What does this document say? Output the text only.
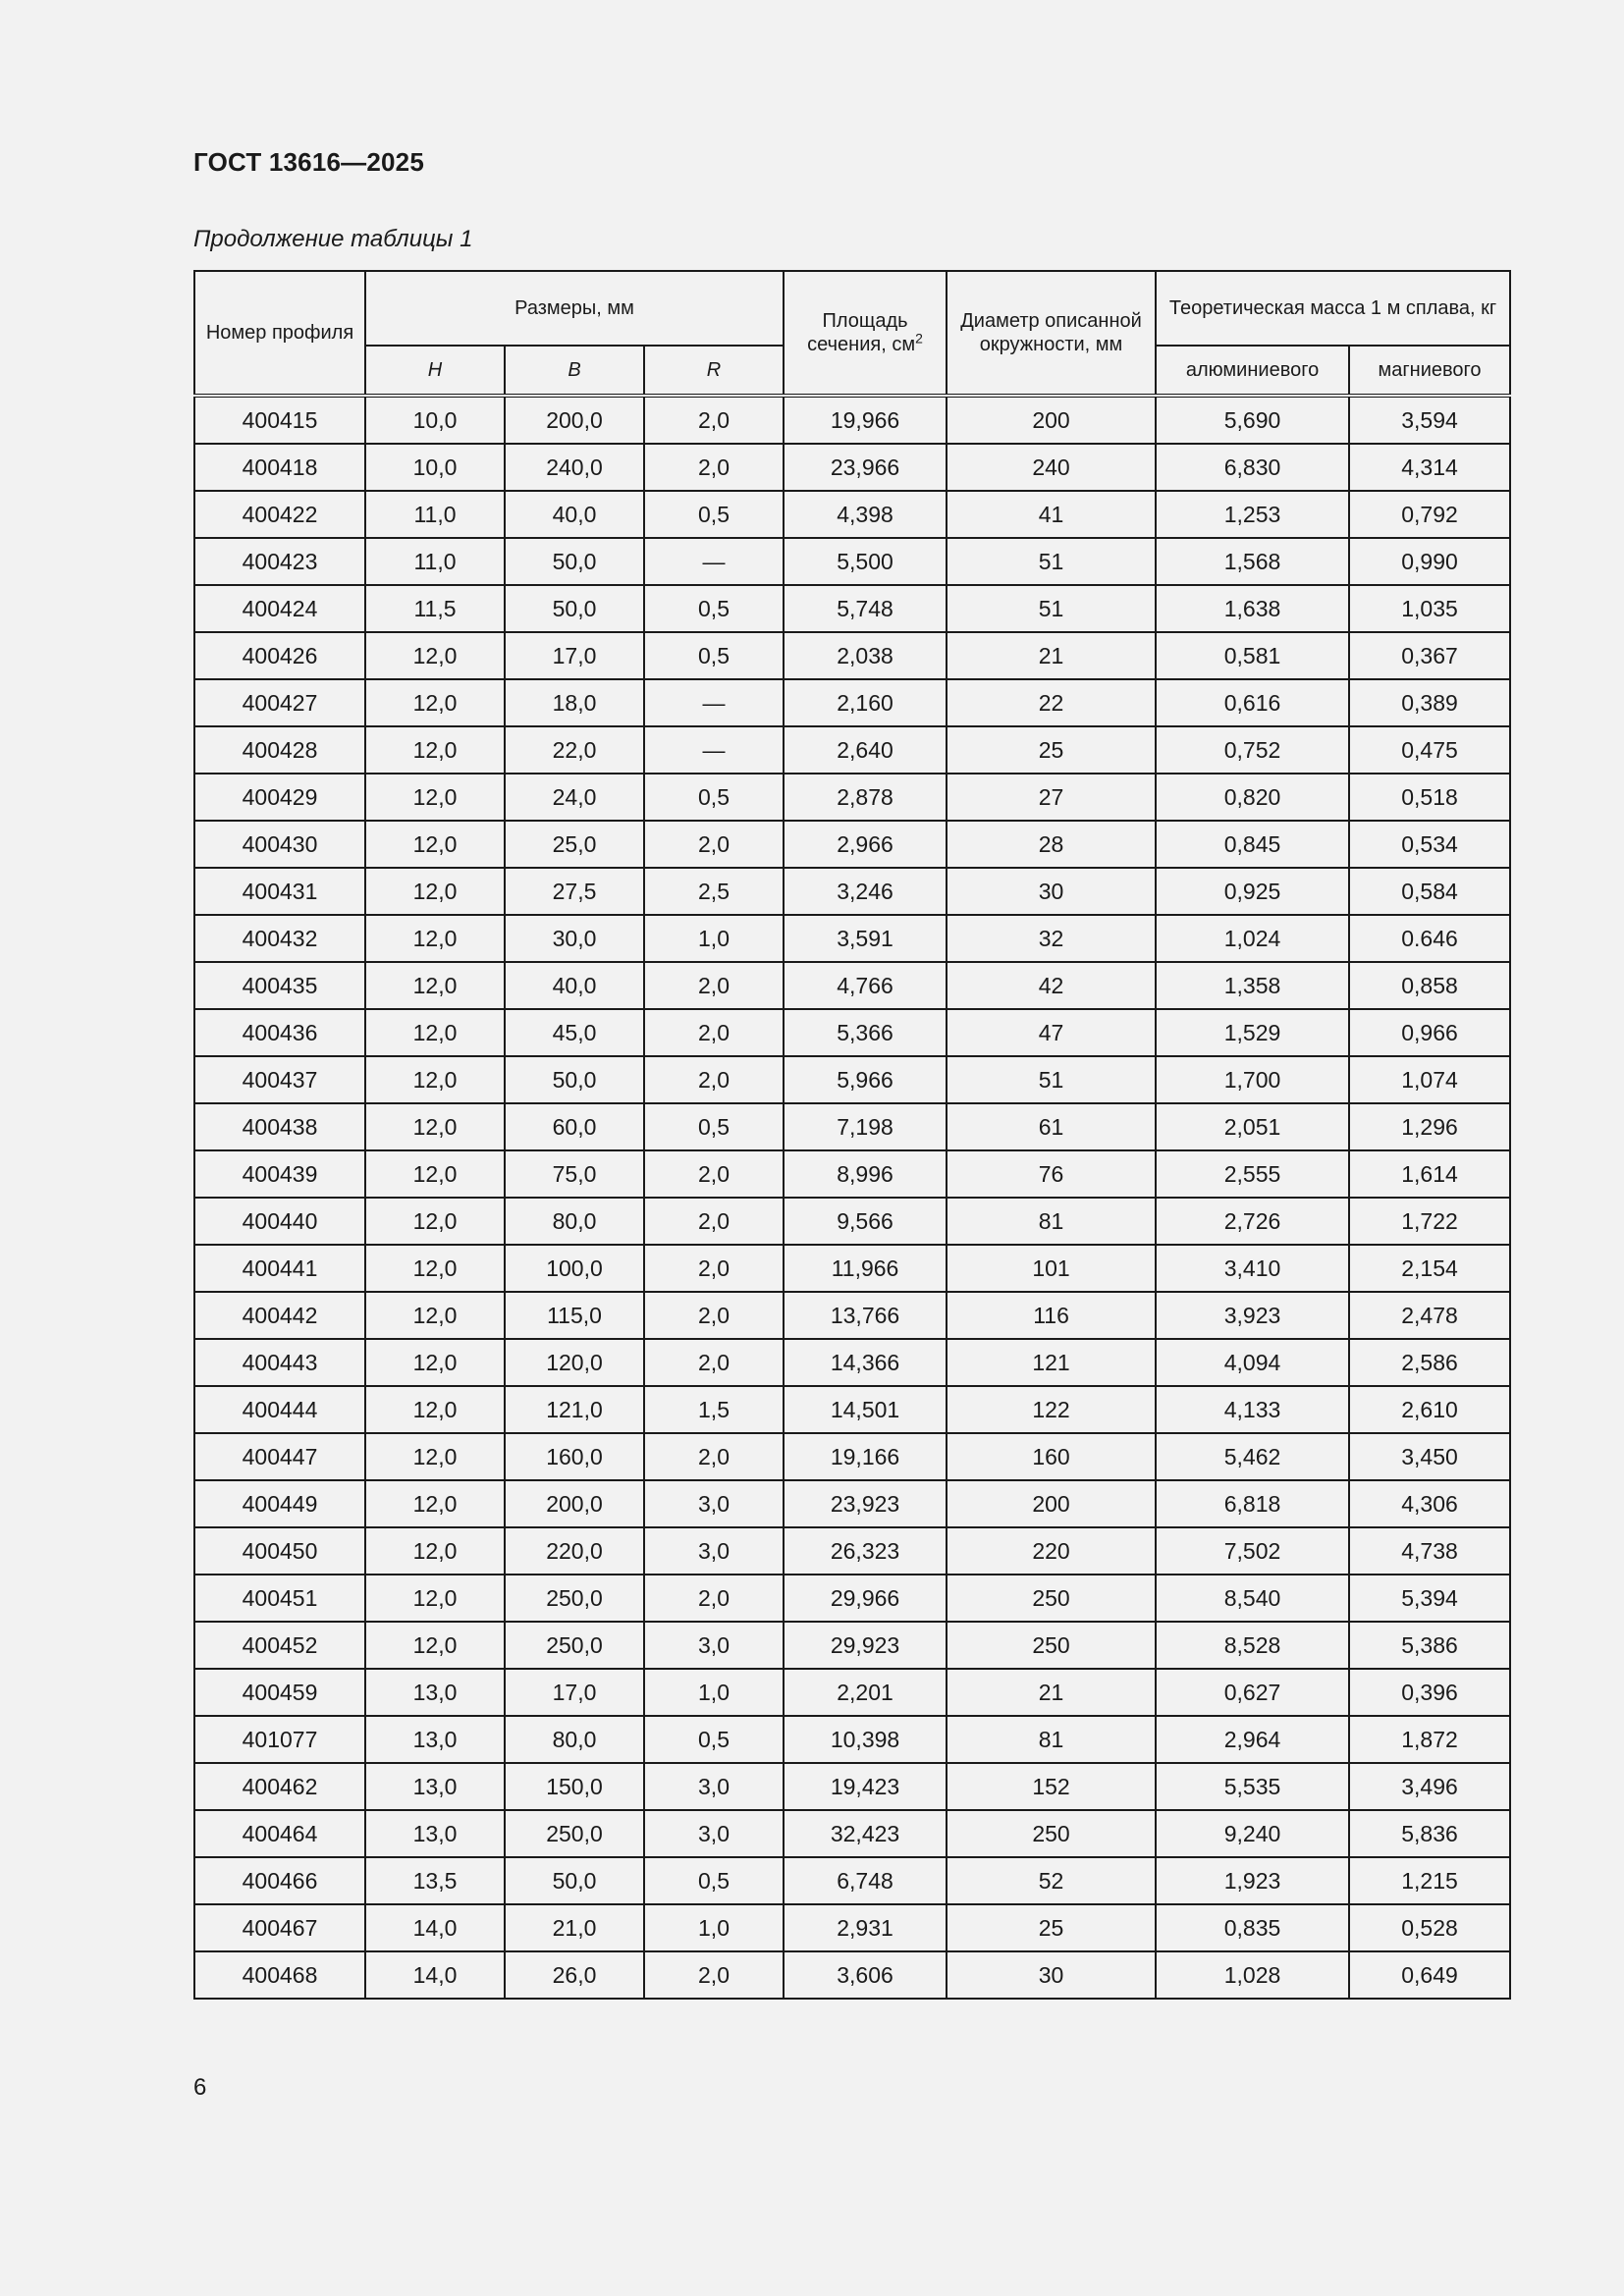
ГОСТ 13616—2025
Продолжение таблицы 1
Номер профиля	Размеры, мм			Площадь сечения, $см^2$	Диаметр описанной окружности, мм	Теоретическая масса 1 м сплава, кг	
	H	B	R			алюминиевого	магниевого
400415	10,0	200,0	2,0	19,966	200	5,690	3,594
400418	10,0	240,0	2,0	23,966	240	6,830	4,314
400422	11,0	40,0	0,5	4,398	41	1,253	0,792
400423	11,0	50,0	—	5,500	51	1,568	0,990
400424	11,5	50,0	0,5	5,748	51	1,638	1,035
400426	12,0	17,0	0,5	2,038	21	0,581	0,367
400427	12,0	18,0	—	2,160	22	0,616	0,389
400428	12,0	22,0	—	2,640	25	0,752	0,475
400429	12,0	24,0	0,5	2,878	27	0,820	0,518
400430	12,0	25,0	2,0	2,966	28	0,845	0,534
400431	12,0	27,5	2,5	3,246	30	0,925	0,584
400432	12,0	30,0	1,0	3,591	32	1,024	0.646
400435	12,0	40,0	2,0	4,766	42	1,358	0,858
400436	12,0	45,0	2,0	5,366	47	1,529	0,966
400437	12,0	50,0	2,0	5,966	51	1,700	1,074
400438	12,0	60,0	0,5	7,198	61	2,051	1,296
400439	12,0	75,0	2,0	8,996	76	2,555	1,614
400440	12,0	80,0	2,0	9,566	81	2,726	1,722
400441	12,0	100,0	2,0	11,966	101	3,410	2,154
400442	12,0	115,0	2,0	13,766	116	3,923	2,478
400443	12,0	120,0	2,0	14,366	121	4,094	2,586
400444	12,0	121,0	1,5	14,501	122	4,133	2,610
400447	12,0	160,0	2,0	19,166	160	5,462	3,450
400449	12,0	200,0	3,0	23,923	200	6,818	4,306
400450	12,0	220,0	3,0	26,323	220	7,502	4,738
400451	12,0	250,0	2,0	29,966	250	8,540	5,394
400452	12,0	250,0	3,0	29,923	250	8,528	5,386
400459	13,0	17,0	1,0	2,201	21	0,627	0,396
401077	13,0	80,0	0,5	10,398	81	2,964	1,872
400462	13,0	150,0	3,0	19,423	152	5,535	3,496
400464	13,0	250,0	3,0	32,423	250	9,240	5,836
400466	13,5	50,0	0,5	6,748	52	1,923	1,215
400467	14,0	21,0	1,0	2,931	25	0,835	0,528
400468	14,0	26,0	2,0	3,606	30	1,028	0,649
6
